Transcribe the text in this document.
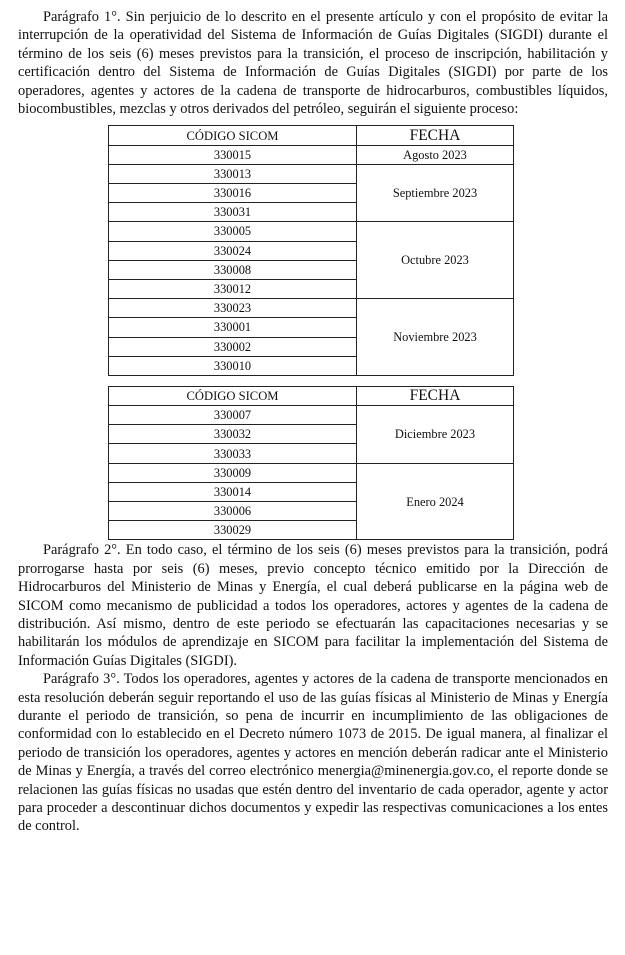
Parágrafo 1°. Sin perjuicio de lo descrito en el presente artículo y con el propósito de evitar la interrupción de la operatividad del Sistema de Información de Guías Digitales (SIGDI) durante el término de los seis (6) meses previstos para la transición, el proceso de inscripción, habilitación y certificación dentro del Sistema de Información de Guías Digitales (SIGDI) por parte de los operadores, agentes y actores de la cadena de transporte de hidrocarburos, combustibles líquidos, biocombustibles, mezclas y otros derivados del petróleo, seguirán el siguiente proceso:

CÓDIGO SICOM	FECHA
330015	Agosto 2023
330013	Septiembre 2023
330016	
330031	
330005	Octubre 2023
330024	
330008	
330012	
330023	Noviembre 2023
330001	
330002	
330010	
CÓDIGO SICOM	FECHA
330007	Diciembre 2023
330032	
330033	
330009	Enero 2024
330014	
330006	
330029	

Parágrafo 2°. En todo caso, el término de los seis (6) meses previstos para la transición, podrá prorrogarse hasta por seis (6) meses, previo concepto técnico emitido por la Dirección de Hidrocarburos del Ministerio de Minas y Energía, el cual deberá publicarse en la página web de SICOM como mecanismo de publicidad a todos los operadores, actores y agentes de la cadena de distribución. Así mismo, dentro de este periodo se efectuarán las capacitaciones necesarias y se habilitarán los módulos de aprendizaje en SICOM para facilitar la implementación del Sistema de Información Guías Digitales (SIGDI).

Parágrafo 3°. Todos los operadores, agentes y actores de la cadena de transporte mencionados en esta resolución deberán seguir reportando el uso de las guías físicas al Ministerio de Minas y Energía durante el periodo de transición, so pena de incurrir en incumplimiento de las obligaciones de conformidad con lo establecido en el Decreto número 1073 de 2015. De igual manera, al finalizar el periodo de transición los operadores, agentes y actores en mención deberán radicar ante el Ministerio de Minas y Energía, a través del correo electrónico menergia@minenergia.gov.co, el reporte donde se relacionen las guías físicas no usadas que estén dentro del inventario de cada operador, agente y actor para proceder a descontinuar dichos documentos y expedir las respectivas comunicaciones a los entes de control.
